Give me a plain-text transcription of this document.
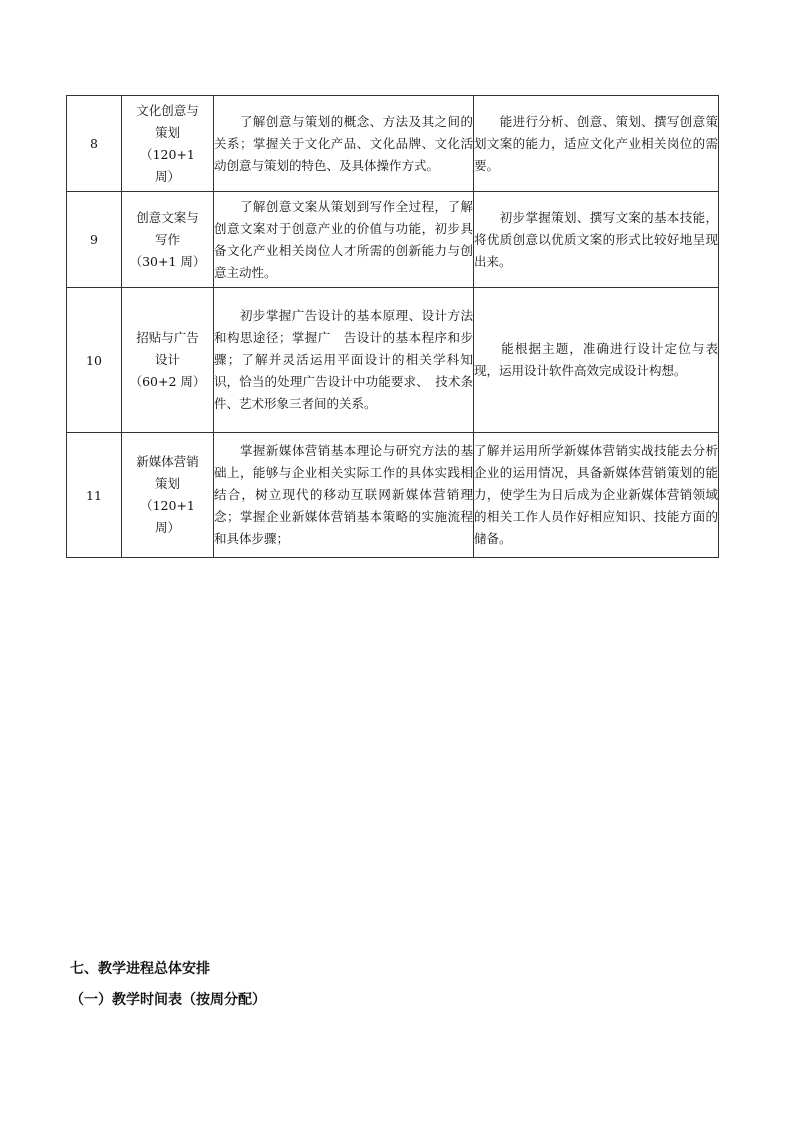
8	文化创意与
策划
（120+1
周）	　　了解创意与策划的概念、方法及其之间的关系；掌握关于文化产品、文化品牌、文化活动创意与策划的特色、及具体操作方式。	　　能进行分析、创意、策划、撰写创意策划文案的能力，适应文化产业相关岗位的需要。
9	创意文案与
写作
（30+1 周）	　　了解创意文案从策划到写作全过程，了解创意文案对于创意产业的价值与功能，初步具备文化产业相关岗位人才所需的创新能力与创意主动性。	　　初步掌握策划、撰写文案的基本技能，将优质创意以优质文案的形式比较好地呈现出来。
10	招贴与广告
设计
（60+2 周）	　　初步掌握广告设计的基本原理、设计方法和构思途径；掌握广　告设计的基本程序和步骤；了解并灵活运用平面设计的相关学科知识，恰当的处理广告设计中功能要求、　技术条件、艺术形象三者间的关系。	　　能根据主题，准确进行设计定位与表现，运用设计软件高效完成设计构想。
11	新媒体营销
策划
（120+1
周）	　　掌握新媒体营销基本理论与研究方法的基础上，能够与企业相关实际工作的具体实践相结合，树立现代的移动互联网新媒体营销理念；掌握企业新媒体营销基本策略的实施流程和具体步骤；	了解并运用所学新媒体营销实战技能去分析企业的运用情况，具备新媒体营销策划的能力，使学生为日后成为企业新媒体营销领域的相关工作人员作好相应知识、技能方面的储备。
七、教学进程总体安排
（一）教学时间表（按周分配）
